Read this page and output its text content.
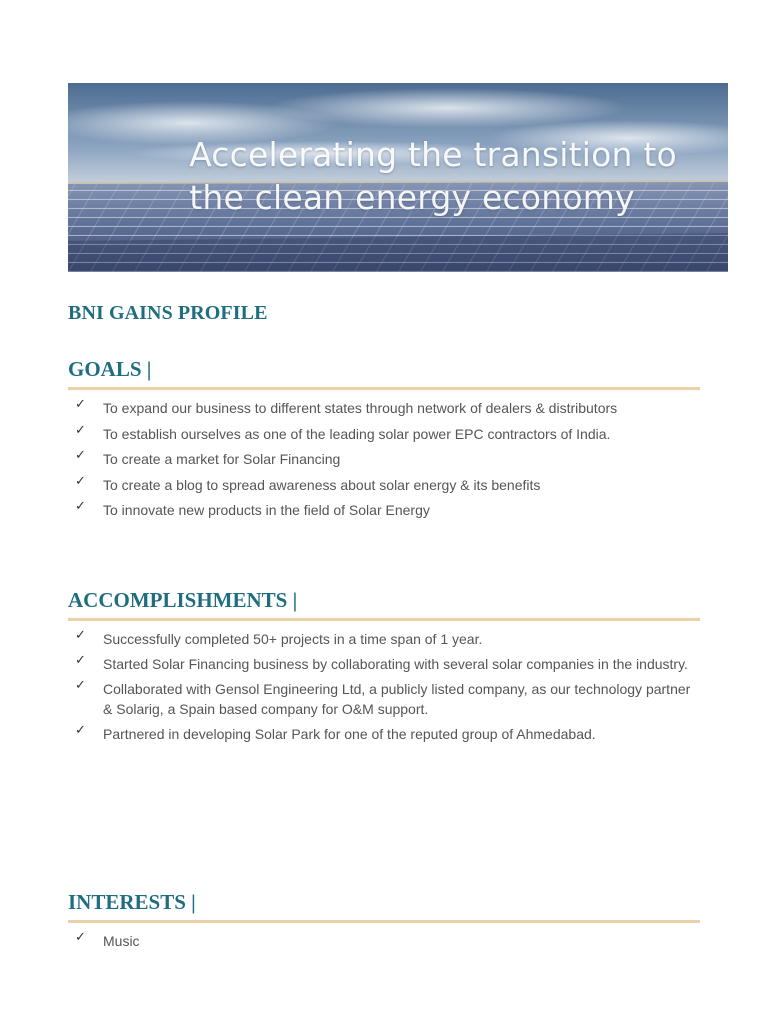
Accelerating the transition to
the clean energy economy
BNI GAINS PROFILE
GOALS |
✓ To expand our business to different states through network of dealers & distributors
✓ To establish ourselves as one of the leading solar power EPC contractors of India.
✓ To create a market for Solar Financing
✓ To create a blog to spread awareness about solar energy & its benefits
✓ To innovate new products in the field of Solar Energy
ACCOMPLISHMENTS |
✓ Successfully completed 50+ projects in a time span of 1 year.
✓ Started Solar Financing business by collaborating with several solar companies in the industry.
✓ Collaborated with Gensol Engineering Ltd, a publicly listed company, as our technology partner & Solarig, a Spain based company for O&M support.
✓ Partnered in developing Solar Park for one of the reputed group of Ahmedabad.
INTERESTS |
✓ Music
